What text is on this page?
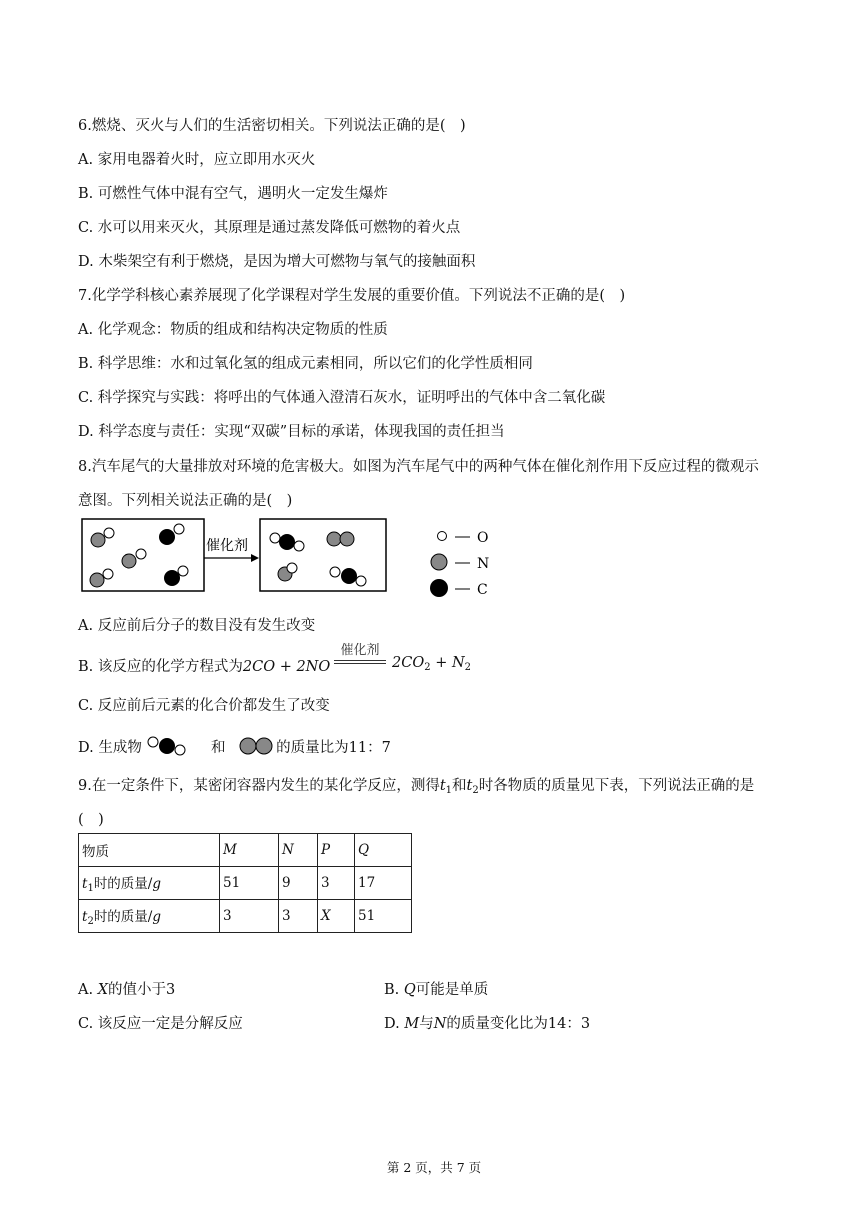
6.燃烧、灭火与人们的生活密切相关。下列说法正确的是(　)
A. 家用电器着火时，应立即用水灭火
B. 可燃性气体中混有空气，遇明火一定发生爆炸
C. 水可以用来灭火，其原理是通过蒸发降低可燃物的着火点
D. 木柴架空有利于燃烧，是因为增大可燃物与氧气的接触面积
7.化学学科核心素养展现了化学课程对学生发展的重要价值。下列说法不正确的是(　)
A. 化学观念：物质的组成和结构决定物质的性质
B. 科学思维：水和过氧化氢的组成元素相同，所以它们的化学性质相同
C. 科学探究与实践：将呼出的气体通入澄清石灰水，证明呼出的气体中含二氧化碳
D. 科学态度与责任：实现“双碳”目标的承诺，体现我国的责任担当
8.汽车尾气的大量排放对环境的危害极大。如图为汽车尾气中的两种气体在催化剂作用下反应过程的微观示
意图。下列相关说法正确的是(　)
催化剂	O
N
C
A. 反应前后分子的数目没有发生改变
B. 该反应的化学方程式为2CO + 2NO
催化剂
$2CO_2 + N_2$
C. 反应前后元素的化合价都发生了改变
D. 生成物	和	的质量比为11：7
9.在一定条件下，某密闭容器内发生的某化学反应，测得$t_1$和$t_2$时各物质的质量见下表，下列说法正确的是
(　)
物质	M	N	P	Q
$t_1$时的质量/g	51	9	3	17
$t_2$时的质量/g	3	3	X	51
A. X的值小于3	B. Q可能是单质
C. 该反应一定是分解反应	D. M与N的质量变化比为14：3
第 2 页，共 7 页
